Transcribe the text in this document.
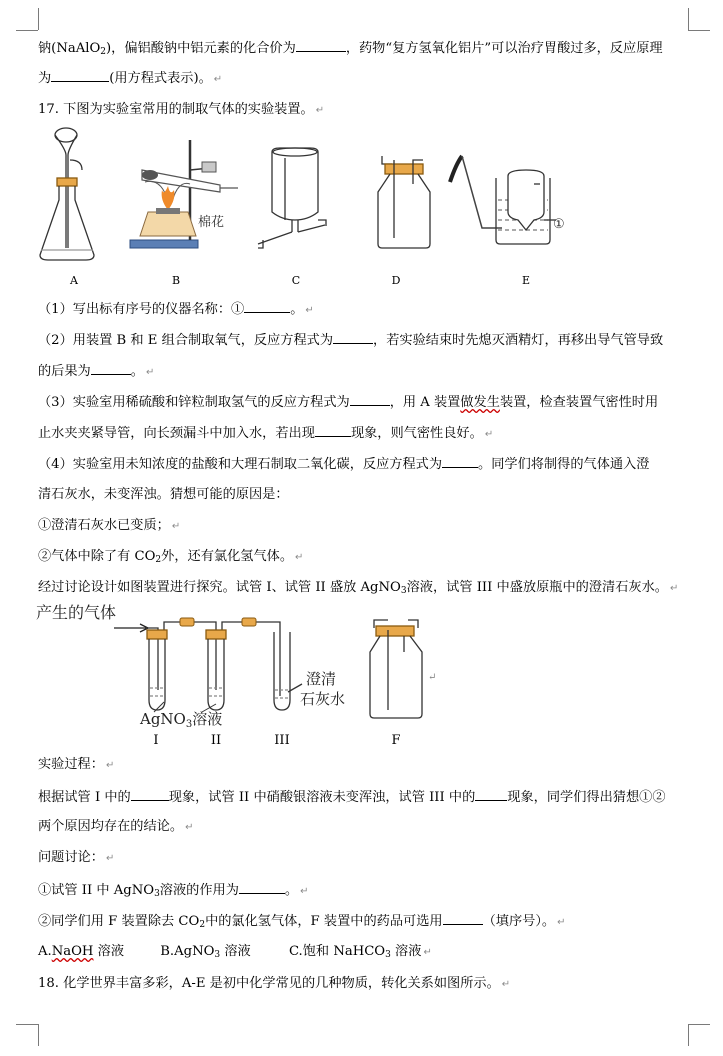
钠(NaAlO$_2$)，偏铝酸钠中铝元素的化合价为	，药物“复方氢氧化铝片”可以治疗胃酸过多，反应原理
为	(用方程式表示)。 ↵
17. 下图为实验室常用的制取气体的实验装置。 ↵
棉花	①
A	B	C	D	E
（1）写出标有序号的仪器名称：①	。 ↵
（2）用装置 B 和 E 组合制取氧气，反应方程式为	，若实验结束时先熄灭酒精灯，再移出导气管导致
的后果为	。 ↵
（3）实验室用稀硫酸和锌粒制取氢气的反应方程式为	，用 A 装置做发生装置，检查装置气密性时用
止水夹夹紧导管，向长颈漏斗中加入水，若出现	现象，则气密性良好。 ↵
（4）实验室用未知浓度的盐酸和大理石制取二氧化碳，反应方程式为	。同学们将制得的气体通入澄
清石灰水，未变浑浊。猜想可能的原因是：
①澄清石灰水已变质； ↵
②气体中除了有 $CO_2$外，还有氯化氢气体。 ↵
经过讨论设计如图装置进行探究。试管 I、试管 II 盛放 AgNO$_3$溶液，试管 III 中盛放原瓶中的澄清石灰水。 ↵
产生的气体
AgNO$_3$溶液
澄清
石灰水
↵
I	II	III	F
实验过程： ↵
根据试管 I 中的	现象，试管 II 中硝酸银溶液未变浑浊，试管 III 中的 现象，同学们得出猜想①②
两个原因均存在的结论。 ↵
问题讨论： ↵
①试管 II 中 AgNO$_3$溶液的作用为	。 ↵
②同学们用 F 装置除去 $CO_2$中的氯化氢气体，F 装置中的药品可选用	（填序号）。 ↵
A.NaOH 溶液	B.AgNO$_3$ 溶液	C.饱和 NaHCO$_3$ 溶液 ↵
18. 化学世界丰富多彩，A-E 是初中化学常见的几种物质，转化关系如图所示。 ↵
